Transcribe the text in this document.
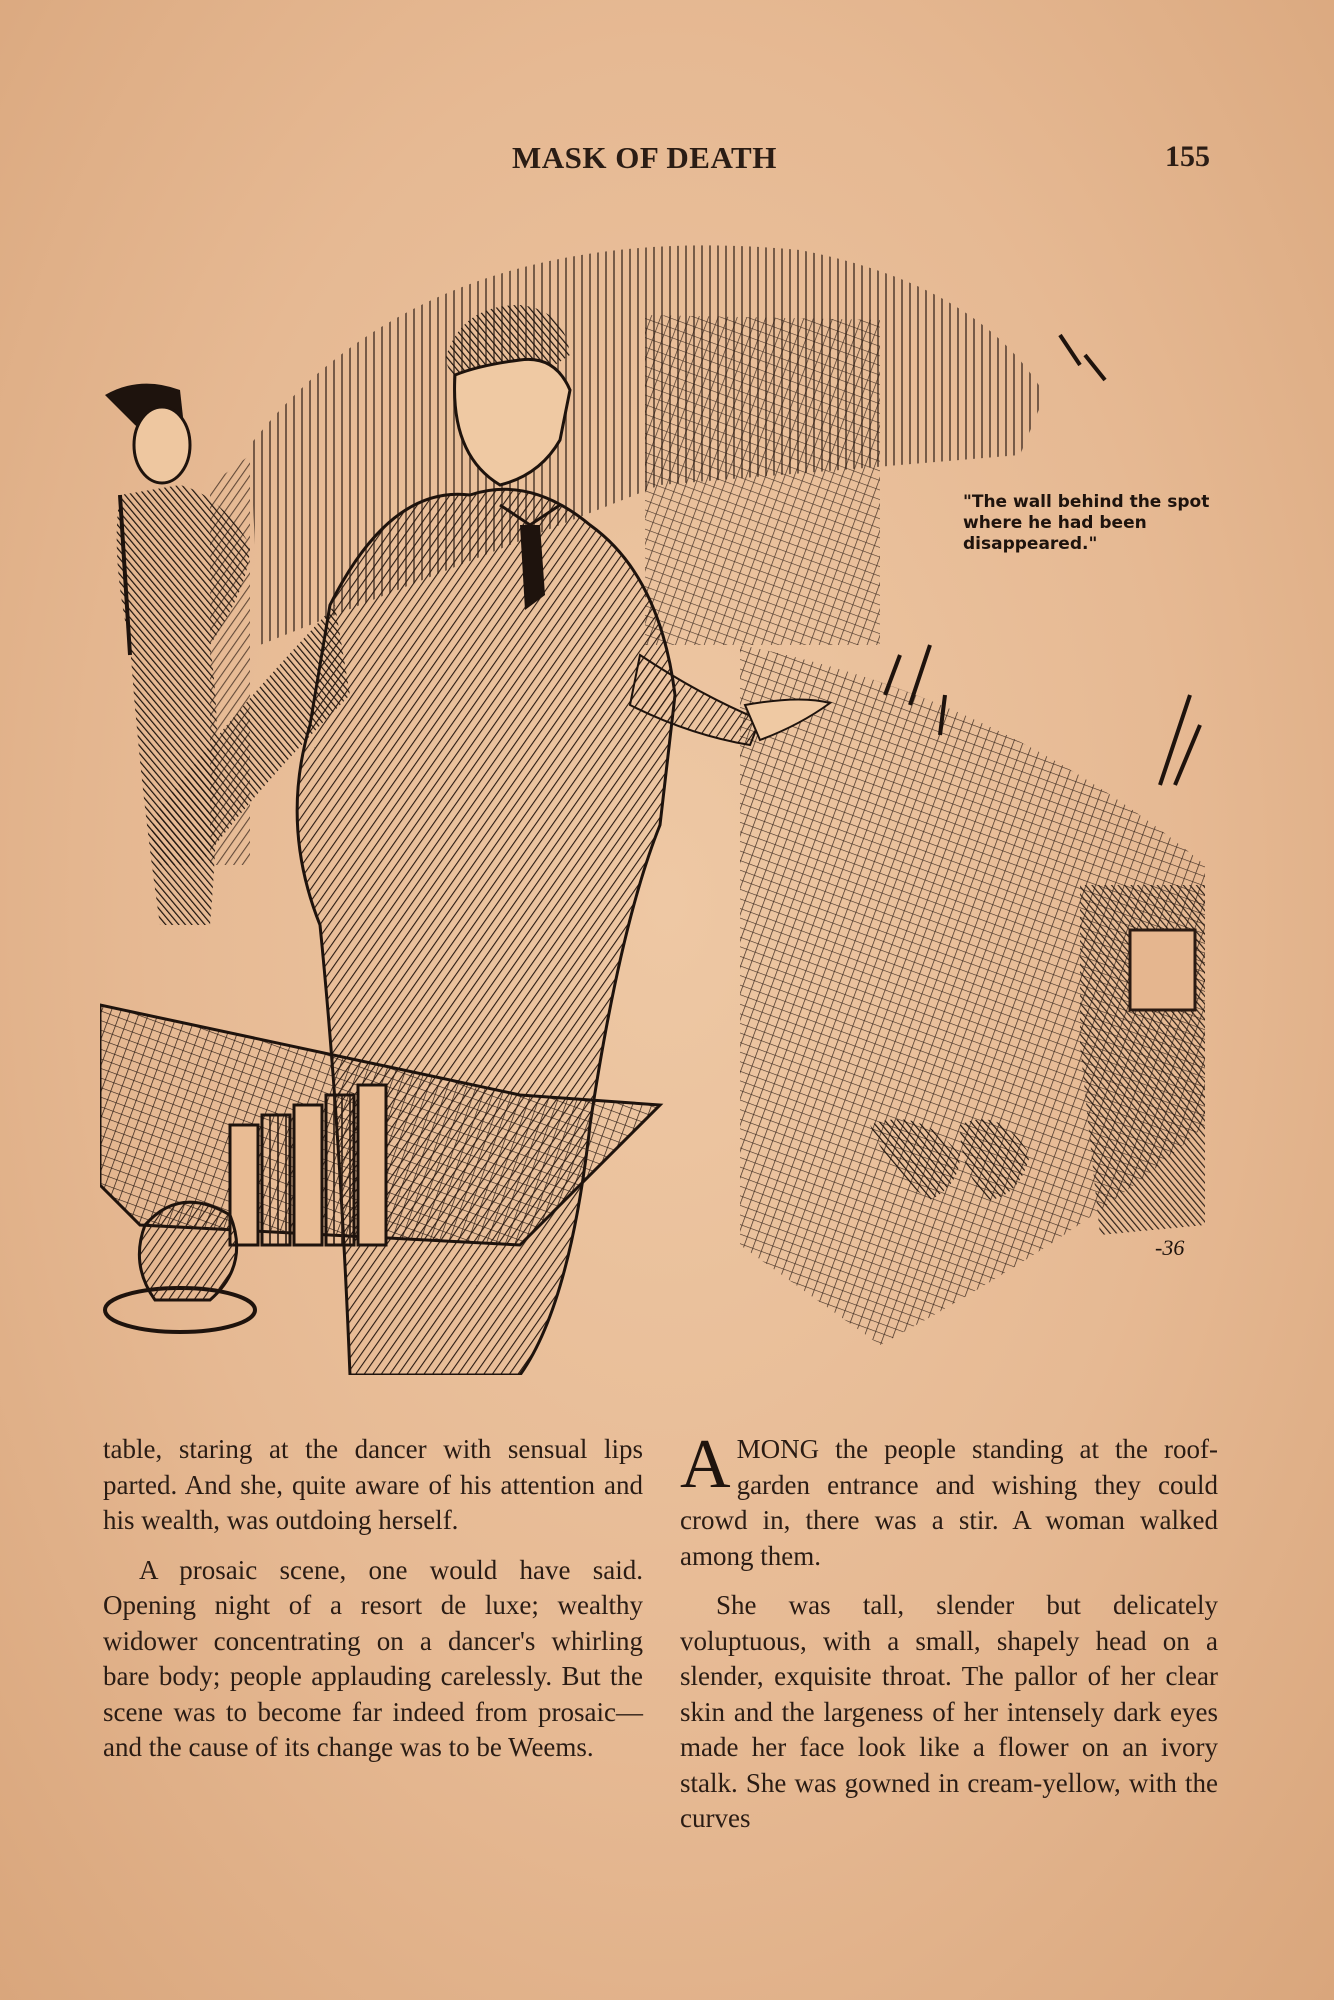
MASK OF DEATH	155
-36
"The wall behind the spot where he had been disappeared."

table, staring at the dancer with sensual lips parted. And she, quite aware of his attention and his wealth, was outdoing herself.

A prosaic scene, one would have said. Opening night of a resort de luxe; wealthy widower concentrating on a dancer's whirling bare body; people applauding carelessly. But the scene was to become far indeed from prosaic—and the cause of its change was to be Weems.

AMONG the people standing at the roof-garden entrance and wishing they could crowd in, there was a stir. A woman walked among them.

She was tall, slender but delicately voluptuous, with a small, shapely head on a slender, exquisite throat. The pallor of her clear skin and the largeness of her intensely dark eyes made her face look like a flower on an ivory stalk. She was gowned in cream-yellow, with the curves
